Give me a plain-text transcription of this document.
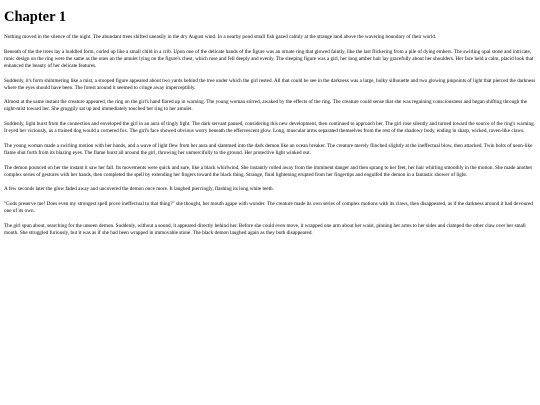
Chapter 1

Nothing moved in the silence of the night. The abundant trees shifted uneasily in the dry August wind. In a nearby pond small fish gazed calmly at the strange land above the wavering boundary of their world.

Beneath of the the trees lay a huddled form, curled up like a small child in a crib. Upon one of the delicate hands of the figure was an ornate ring that glowed faintly, like the last flickering from a pile of dying embers. The swirling opal stone and intricate, runic design on the ring were the same as the ones on the amulet lying on the figure's chest, which rose and fell deeply and evenly. The sleeping figure was a girl, her long amber hair lay gracefully about her shoulders. Her face held a calm, placid look that enhanced the beauty of her delicate features.

Suddenly, it's form shimmering like a mist, a stooped figure appeared about two yards behind the tree under which the girl rested. All that could be see in the darkness was a large, bulky silhouette and two glowing pinpoints of light that pierced the darkness where the eyes should have been. The forest around it seemed to cringe away imperceptibly.

Almost at the same instant the creature appeared, the ring on the girl's hand flared up in warning. The young woman stirred, awaked by the effects of the ring. The creature could sense that she was regaining consciousness and began shifting through the night-mist toward her. She groggily sat up and immediately touched her ring to her amulet.

Suddenly, light burst from the connection and enveloped the girl in an aura of tingly light. The dark servant paused, considering this new development, then continued to approach her. The girl rose silently and turned toward the source of the ring's warning. It eyed her viciously, as a trained dog would a cornered fox. The girl's face showed obvious worry beneath the effervescent glow. Long, muscular arms separated themselves from the rest of the shadowy body, ending in sharp, wicked, raven-like claws.

The young woman made a swirling motion with her hands, and a wave of light flew from her aura and slammed into the dark demon like an ocean breaker. The creature merely flinched slightly at the ineffectual blow, then attacked. Twin bolts of neon-like flame shot forth from its blazing eyes. The flame burst all around the girl, throwing her unmercifully to the ground. Her protective light winked out.

The demon pounced on her the instant it saw her fall. Its movements were quick and sure, like a black whirlwind. She instantly rolled away from the imminent danger and then sprang to her feet, her hair whirling smoothly in the motion. She made another complex series of gestures with her hands, then completed the spell by extending her fingers toward the black thing. Strange, fluid lightening erupted from her fingertips and engulfed the demon in a fantastic shower of light.

A few seconds later the glow faded away and uncovered the demon once more. It laughed piercingly, flashing its long white teeth.

"Gods preserve me! Does even my strongest spell prove ineffectual to that thing?" she thought, her mouth agape with wonder. The creature made its own series of complex motions with its claws, then disappeared, as if the darkness around it had devoured one of its own.

The girl spun about, searching for the unseen demon. Suddenly, without a sound, it appeared directly behind her. Before she could even move, it wrapped one arm about her waist, pinning her arms to her sides and clamped the other claw over her small mouth. She struggled furiously, but it was as if she had been wrapped in immovable stone. The black demon laughed again as they both disappeared.
